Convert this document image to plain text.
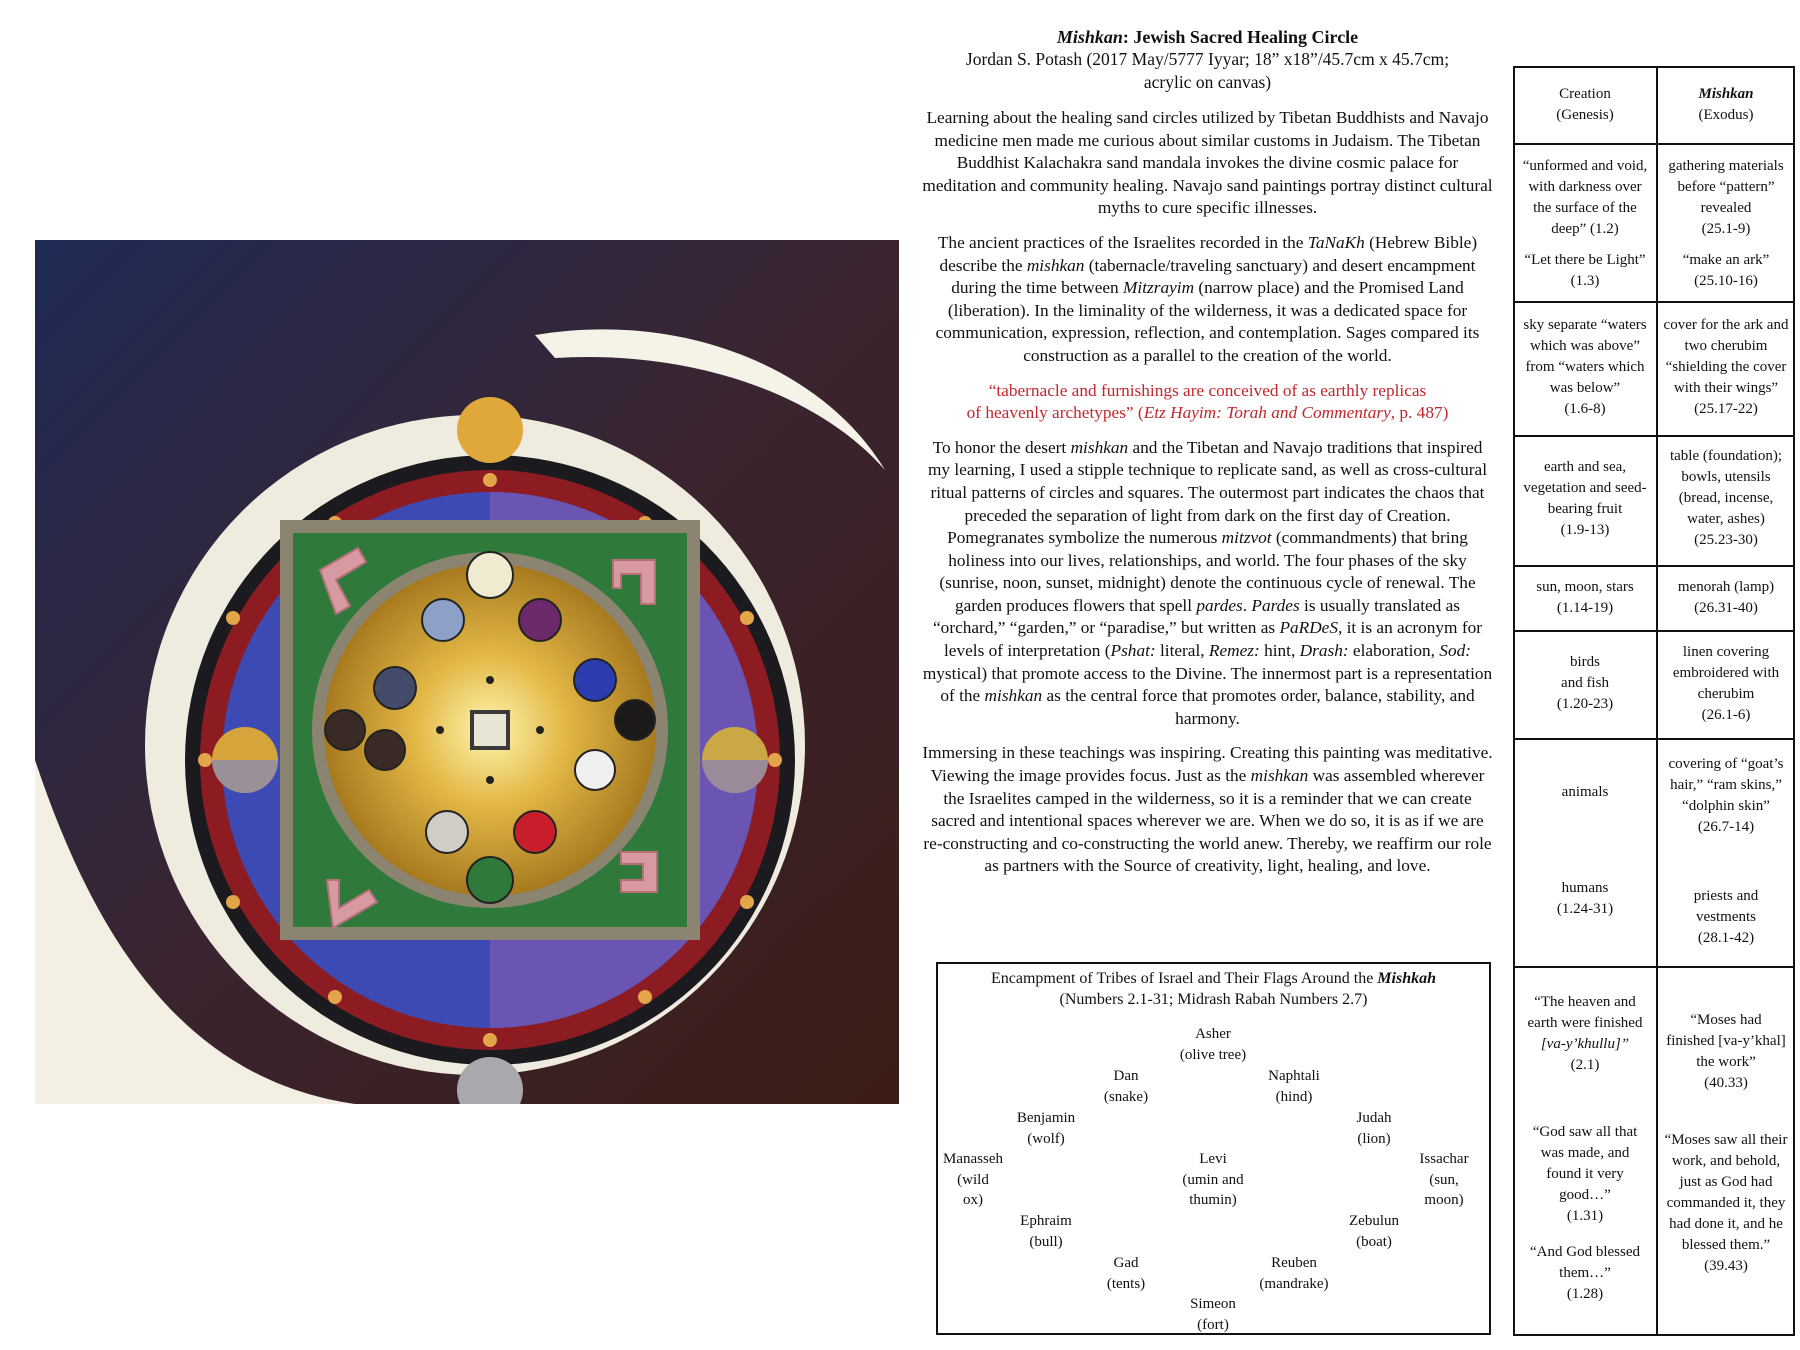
Mishkan: Jewish Sacred Healing Circle
Jordan S. Potash (2017 May/5777 Iyyar; 18” x18”/45.7cm x 45.7cm;
acrylic on canvas)
Learning about the healing sand circles utilized by Tibetan Buddhists and Navajo medicine men made me curious about similar customs in Judaism. The Tibetan Buddhist Kalachakra sand mandala invokes the divine cosmic palace for meditation and community healing. Navajo sand paintings portray distinct cultural myths to cure specific illnesses.
The ancient practices of the Israelites recorded in the TaNaKh (Hebrew Bible) describe the mishkan (tabernacle/traveling sanctuary) and desert encampment during the time between Mitzrayim (narrow place) and the Promised Land (liberation). In the liminality of the wilderness, it was a dedicated space for communication, expression, reflection, and contemplation. Sages compared its construction as a parallel to the creation of the world.
“tabernacle and furnishings are conceived of as earthly replicas
of heavenly archetypes” (Etz Hayim: Torah and Commentary, p. 487)
To honor the desert mishkan and the Tibetan and Navajo traditions that inspired my learning, I used a stipple technique to replicate sand, as well as cross-cultural ritual patterns of circles and squares. The outermost part indicates the chaos that preceded the separation of light from dark on the first day of Creation. Pomegranates symbolize the numerous mitzvot (commandments) that bring holiness into our lives, relationships, and world. The four phases of the sky (sunrise, noon, sunset, midnight) denote the continuous cycle of renewal. The garden produces flowers that spell pardes. Pardes is usually translated as “orchard,” “garden,” or “paradise,” but written as PaRDeS, it is an acronym for levels of interpretation (Pshat: literal, Remez: hint, Drash: elaboration, Sod: mystical) that promote access to the Divine. The innermost part is a representation of the mishkan as the central force that promotes order, balance, stability, and harmony.
Immersing in these teachings was inspiring. Creating this painting was meditative. Viewing the image provides focus. Just as the mishkan was assembled wherever the Israelites camped in the wilderness, so it is a reminder that we can create sacred and intentional spaces wherever we are. When we do so, it is as if we are re-constructing and co-constructing the world anew. Thereby, we reaffirm our role as partners with the Source of creativity, light, healing, and love.
Encampment of Tribes of Israel and Their Flags Around the Mishkah
(Numbers 2.1-31; Midrash Rabah Numbers 2.7)
Asher
(olive tree)
Dan
(snake)
Naphtali
(hind)
Benjamin
(wolf)
Judah
(lion)
Manasseh
(wild
ox)
Levi
(umin and
thumin)
Issachar
(sun,
moon)
Ephraim
(bull)
Zebulun
(boat)
Gad
(tents)
Reuben
(mandrake)
Simeon
(fort)
Creation
(Genesis)
Mishkan
(Exodus)
“unformed and void,
with darkness over
the surface of the
deep” (1.2)
“Let there be Light”
(1.3)
gathering materials
before “pattern”
revealed
(25.1-9)
“make an ark”
(25.10-16)
sky separate “waters
which was above”
from “waters which
was below”
(1.6-8)
cover for the ark and
two cherubim
“shielding the cover
with their wings”
(25.17-22)
earth and sea,
vegetation and seed-
bearing fruit
(1.9-13)
table (foundation);
bowls, utensils
(bread, incense,
water, ashes)
(25.23-30)
sun, moon, stars
(1.14-19)
menorah (lamp)
(26.31-40)
birds
and fish
(1.20-23)
linen covering
embroidered with
cherubim
(26.1-6)
animals
humans
(1.24-31)
covering of “goat’s
hair,” “ram skins,”
“dolphin skin”
(26.7-14)
priests and
vestments
(28.1-42)
“The heaven and
earth were finished
[va-y’khullu]”
(2.1)
“God saw all that
was made, and
found it very
good…”
(1.31)
“And God blessed
them…”
(1.28)
“Moses had
finished [va-y’khal]
the work”
(40.33)
“Moses saw all their
work, and behold,
just as God had
commanded it, they
had done it, and he
blessed them.”
(39.43)
